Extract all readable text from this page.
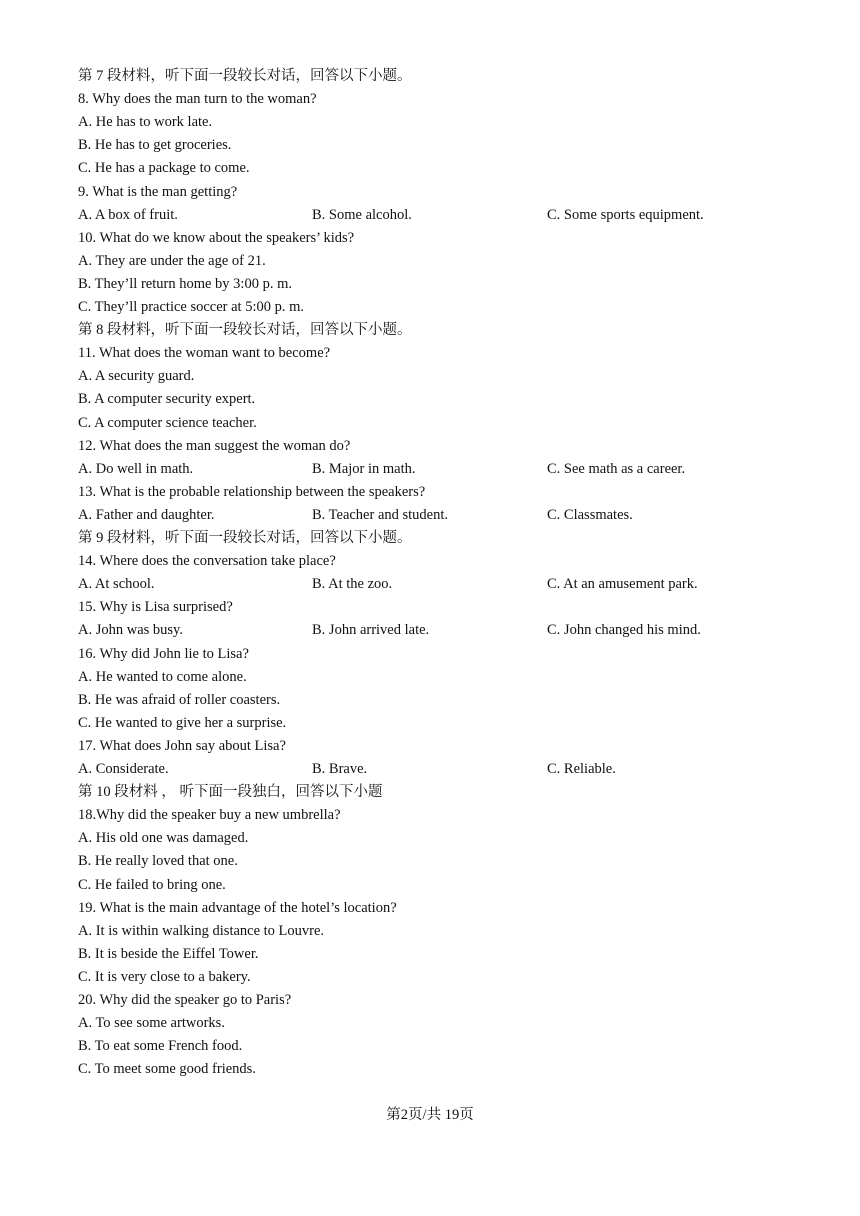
第 7 段材料，听下面一段较长对话，回答以下小题。
8. Why does the man turn to the woman?
A. He has to work late.
B. He has to get groceries.
C. He has a package to come.
9. What is the man getting?
A. A box of fruit.	B. Some alcohol.	C. Some sports equipment.
10. What do we know about the speakers’ kids?
A. They are under the age of 21.
B. They’ll return home by 3:00 p. m.
C. They’ll practice soccer at 5:00 p. m.
第 8 段材料，听下面一段较长对话，回答以下小题。
11. What does the woman want to become?
A. A security guard.
B. A computer security expert.
C. A computer science teacher.
12. What does the man suggest the woman do?
A. Do well in math.	B. Major in math.	C. See math as a career.
13. What is the probable relationship between the speakers?
A. Father and daughter.	B. Teacher and student.	C. Classmates.
第 9 段材料，听下面一段较长对话，回答以下小题。
14. Where does the conversation take place?
A. At school.	B. At the zoo.	C. At an amusement park.
15. Why is Lisa surprised?
A. John was busy.	B. John arrived late.	C. John changed his mind.
16. Why did John lie to Lisa?
A. He wanted to come alone.
B. He was afraid of roller coasters.
C. He wanted to give her a surprise.
17. What does John say about Lisa?
A. Considerate.	B. Brave.	C. Reliable.
第 10 段材料 ， 听下面一段独白，回答以下小题
18.Why did the speaker buy a new umbrella?
A. His old one was damaged.
B. He really loved that one.
C. He failed to bring one.
19. What is the main advantage of the hotel’s location?
A. It is within walking distance to Louvre.
B. It is beside the Eiffel Tower.
C. It is very close to a bakery.
20. Why did the speaker go to Paris?
A. To see some artworks.
B. To eat some French food.
C. To meet some good friends.
第2页/共 19页
